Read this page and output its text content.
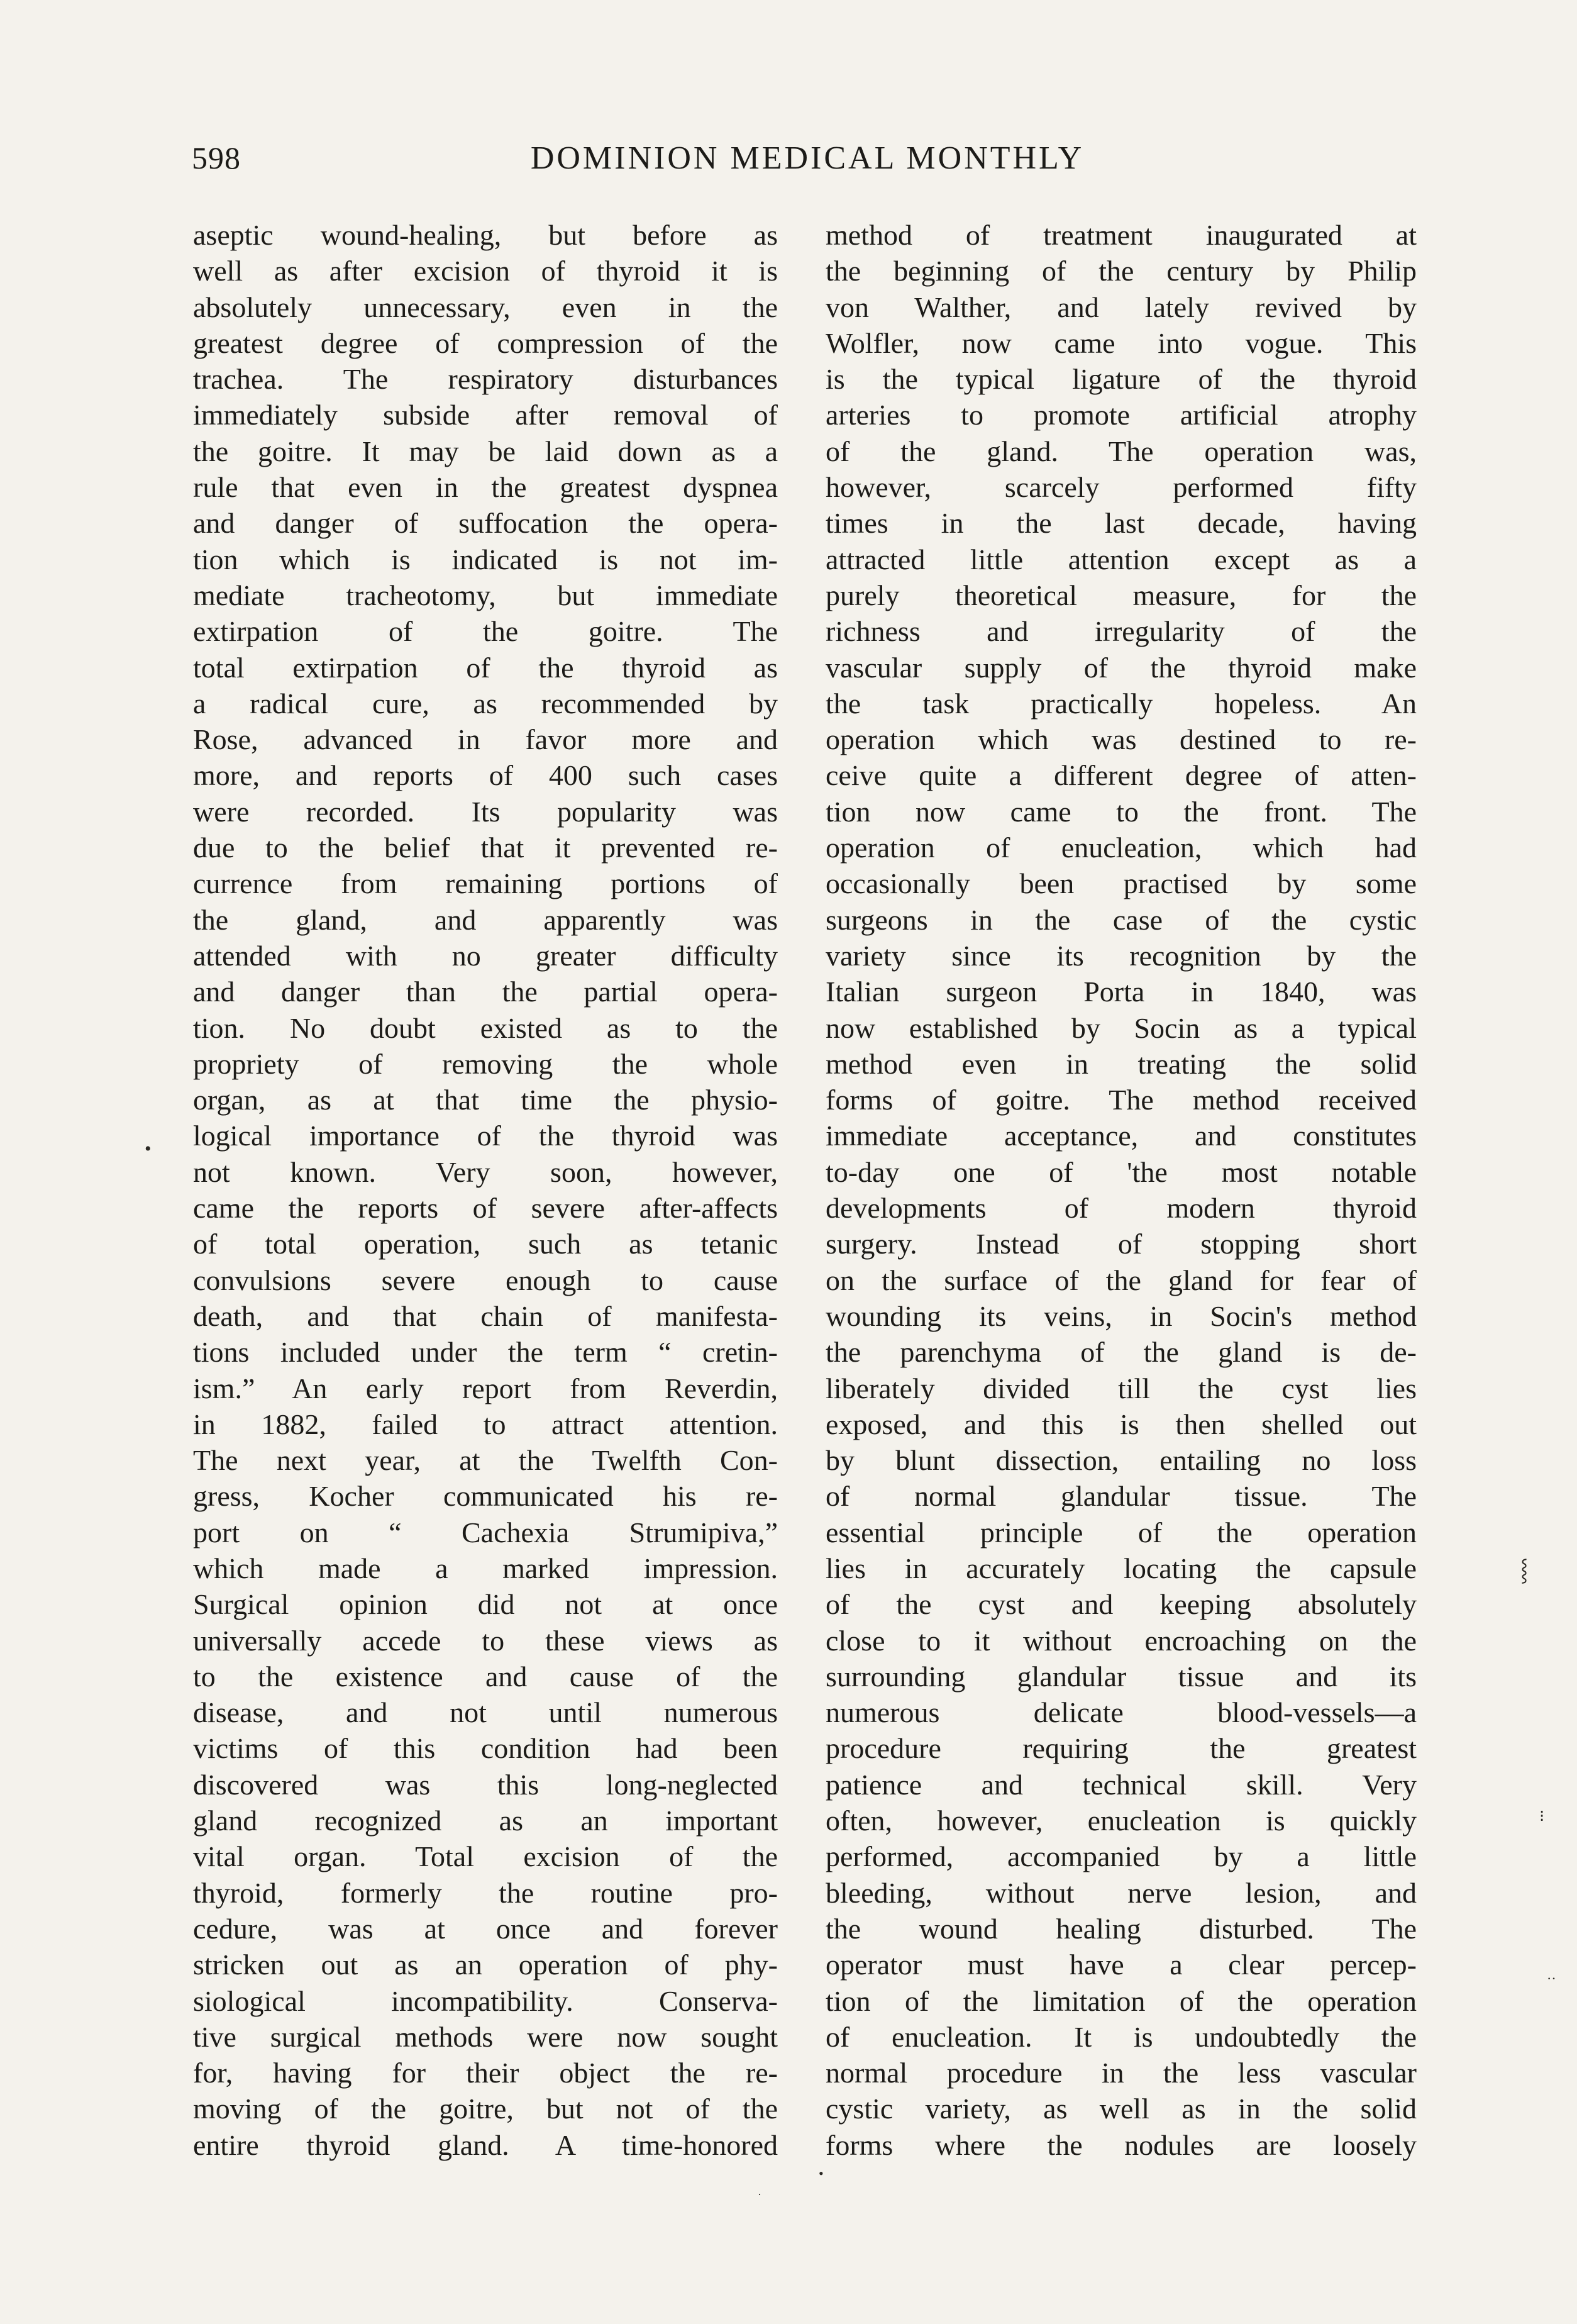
598	DOMINION MEDICAL MONTHLY
aseptic wound-healing, but before as
well as after excision of thyroid it is
absolutely unnecessary, even in the
greatest degree of compression of the
trachea. The respiratory disturbances
immediately subside after removal of
the goitre. It may be laid down as a
rule that even in the greatest dyspnea
and danger of suffocation the opera-
tion which is indicated is not im-
mediate tracheotomy, but immediate
extirpation of the goitre. The
total extirpation of the thyroid as
a radical cure, as recommended by
Rose, advanced in favor more and
more, and reports of 400 such cases
were recorded. Its popularity was
due to the belief that it prevented re-
currence from remaining portions of
the gland, and apparently was
attended with no greater difficulty
and danger than the partial opera-
tion. No doubt existed as to the
propriety of removing the whole
organ, as at that time the physio-
logical importance of the thyroid was
not known. Very soon, however,
came the reports of severe after-affects
of total operation, such as tetanic
convulsions severe enough to cause
death, and that chain of manifesta-
tions included under the term “ cretin-
ism.” An early report from Reverdin,
in 1882, failed to attract attention.
The next year, at the Twelfth Con-
gress, Kocher communicated his re-
port on “ Cachexia Strumipiva,”
which made a marked impression.
Surgical opinion did not at once
universally accede to these views as
to the existence and cause of the
disease, and not until numerous
victims of this condition had been
discovered was this long-neglected
gland recognized as an important
vital organ. Total excision of the
thyroid, formerly the routine pro-
cedure, was at once and forever
stricken out as an operation of phy-
siological incompatibility. Conserva-
tive surgical methods were now sought
for, having for their object the re-
moving of the goitre, but not of the
entire thyroid gland. A time-honored
method of treatment inaugurated at
the beginning of the century by Philip
von Walther, and lately revived by
Wolfler, now came into vogue. This
is the typical ligature of the thyroid
arteries to promote artificial atrophy
of the gland. The operation was,
however, scarcely performed fifty
times in the last decade, having
attracted little attention except as a
purely theoretical measure, for the
richness and irregularity of the
vascular supply of the thyroid make
the task practically hopeless. An
operation which was destined to re-
ceive quite a different degree of atten-
tion now came to the front. The
operation of enucleation, which had
occasionally been practised by some
surgeons in the case of the cystic
variety since its recognition by the
Italian surgeon Porta in 1840, was
now established by Socin as a typical
method even in treating the solid
forms of goitre. The method received
immediate acceptance, and constitutes
to-day one of 'the most notable
developments of modern thyroid
surgery. Instead of stopping short
on the surface of the gland for fear of
wounding its veins, in Socin's method
the parenchyma of the gland is de-
liberately divided till the cyst lies
exposed, and this is then shelled out
by blunt dissection, entailing no loss
of normal glandular tissue. The
essential principle of the operation
lies in accurately locating the capsule
of the cyst and keeping absolutely
close to it without encroaching on the
surrounding glandular tissue and its
numerous delicate blood-vessels—a
procedure requiring the greatest
patience and technical skill. Very
often, however, enucleation is quickly
performed, accompanied by a little
bleeding, without nerve lesion, and
the wound healing disturbed. The
operator must have a clear percep-
tion of the limitation of the operation
of enucleation. It is undoubtedly the
normal procedure in the less vascular
cystic variety, as well as in the solid
forms where the nodules are loosely
•
⸾
⁝
··
·
•
